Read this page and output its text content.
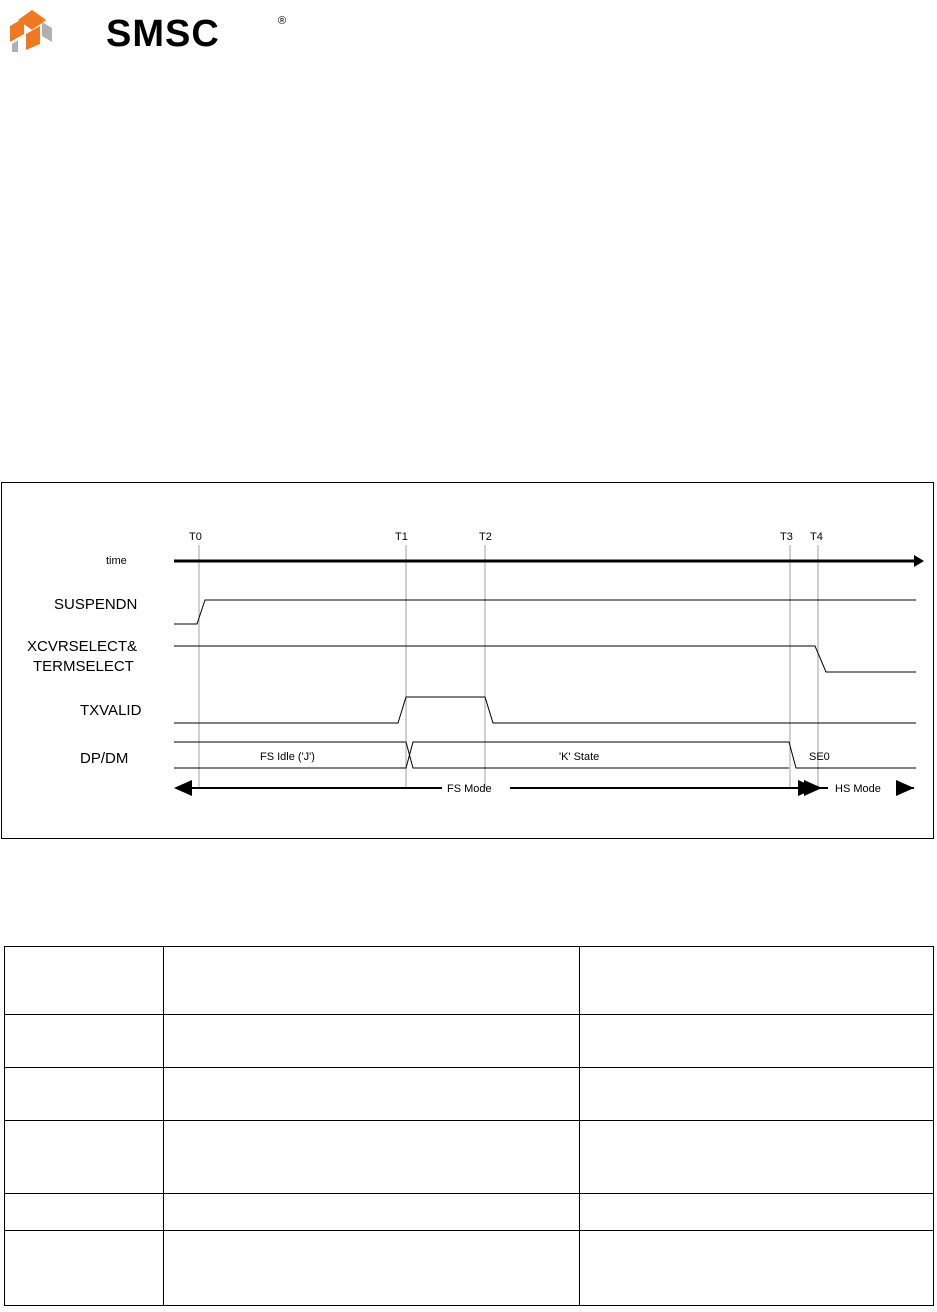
SMSC	®
T0	T1	T2	T3 T4
time
SUSPENDN
XCVRSELECT&
TERMSELECT
TXVALID
DP/DM	FS Idle ('J')	'K' State	SE0
FS Mode	HS Mode
